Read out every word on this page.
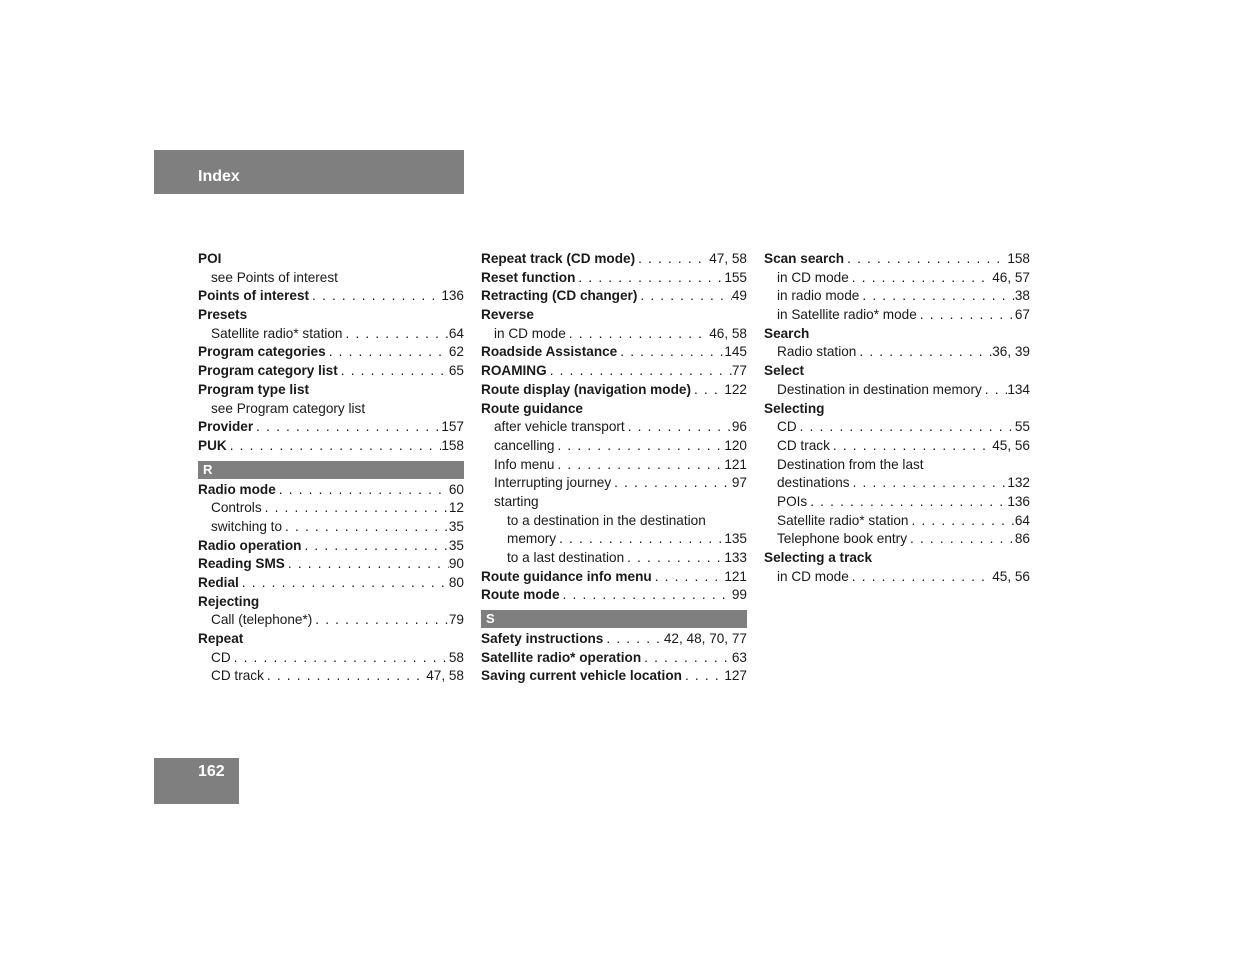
Index
POI
see Points of interest
Points of interest . . .	136
Presets
Satellite radio* station . . .	64
Program categories . . .	62
Program category list . . .	65
Program type list
see Program category list
Provider . . .	157
PUK . . .	158
R
Radio mode . . .	60
Controls . . .	12
switching to . . .	35
Radio operation . . .	35
Reading SMS . . .	90
Redial . . .	80
Rejecting
Call (telephone*) . . .	79
Repeat
CD . . .	58
CD track . . .	47, 58
Repeat track (CD mode) . . .	47, 58
Reset function . . .	155
Retracting (CD changer) . . .	49
Reverse
in CD mode . . .	46, 58
Roadside Assistance . . .	145
ROAMING . . .	77
Route display (navigation mode) . . . 122
Route guidance
after vehicle transport . . .	96
cancelling . . .	120
Info menu . . .	121
Interrupting journey . . .	97
starting
to a destination in the destination
memory . . .	135
to a last destination . . .	133
Route guidance info menu . . .	121
Route mode . . .	99
S
Safety instructions . . .	42, 48, 70, 77
Satellite radio* operation . . .	63
Saving current vehicle location . . .	127
Scan search . . .	158
in CD mode . . .	46, 57
in radio mode . . .	38
in Satellite radio* mode . . .	67
Search
Radio station . . .	36, 39
Select
Destination in destination memory . . . 134
Selecting
CD . . .	55
CD track . . .	45, 56
Destination from the last
destinations . . .	132
POIs . . .	136
Satellite radio* station . . .	64
Telephone book entry . . .	86
Selecting a track
in CD mode . . .	45, 56
162
